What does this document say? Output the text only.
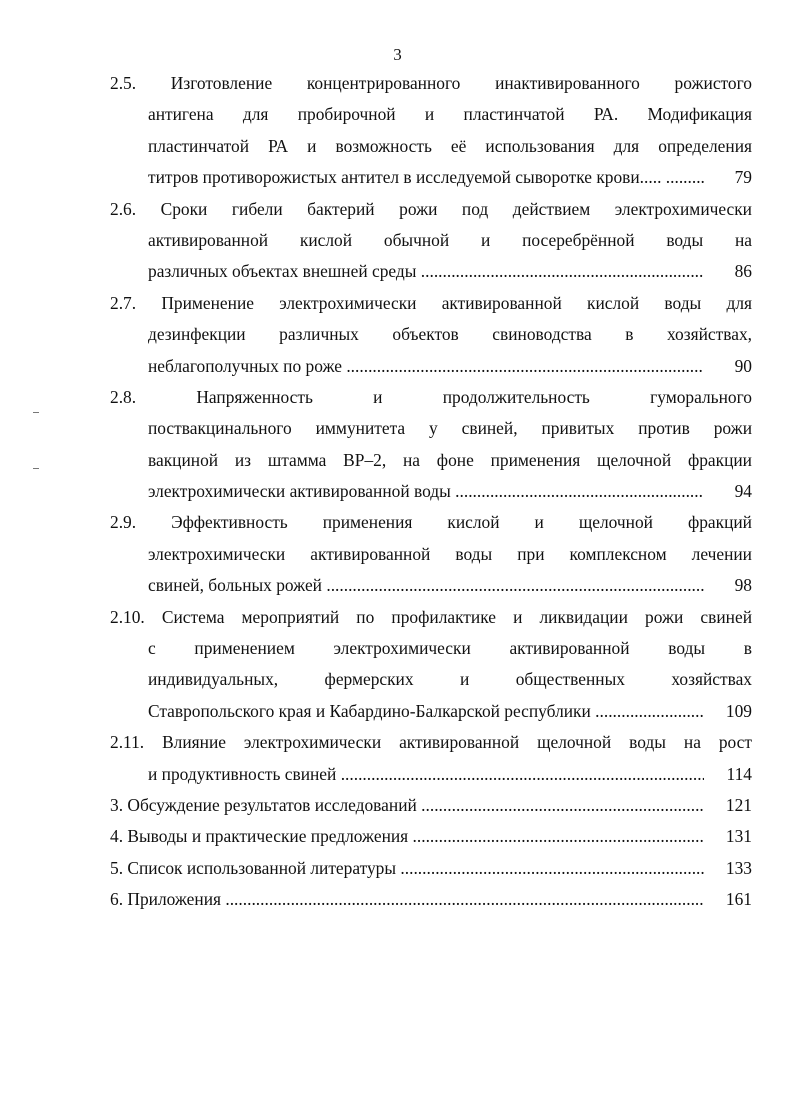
3
2.5. Изготовление концентрированного инактивированного рожистого
антигена для пробирочной и пластинчатой РА. Модификация
пластинчатой РА и возможность её использования для определения
титров противорожистых антител в исследуемой сыворотке крови..... .....	79
2.6. Сроки гибели бактерий рожи под действием электрохимически
активированной кислой обычной и посеребрённой воды на
различных объектах внешней среды .....	86
2.7. Применение электрохимически активированной кислой воды для
дезинфекции различных объектов свиноводства в хозяйствах,
неблагополучных по роже .....	90
2.8. Напряженность и продолжительность гуморального
поствакцинального иммунитета у свиней, привитых против рожи
вакциной из штамма ВР–2, на фоне применения щелочной фракции
электрохимически активированной воды .....	94
2.9. Эффективность применения кислой и щелочной фракций
электрохимически активированной воды при комплексном лечении
свиней, больных рожей .....	98
2.10. Система мероприятий по профилактике и ликвидации рожи свиней
с применением электрохимически активированной воды в
индивидуальных, фермерских и общественных хозяйствах
Ставропольского края и Кабардино-Балкарской республики .....	109
2.11. Влияние электрохимически активированной щелочной воды на рост
и продуктивность свиней .....	114
3. Обсуждение результатов исследований .....	121
4. Выводы и практические предложения .....	131
5. Список использованной литературы .....	133
6. Приложения .....	161
